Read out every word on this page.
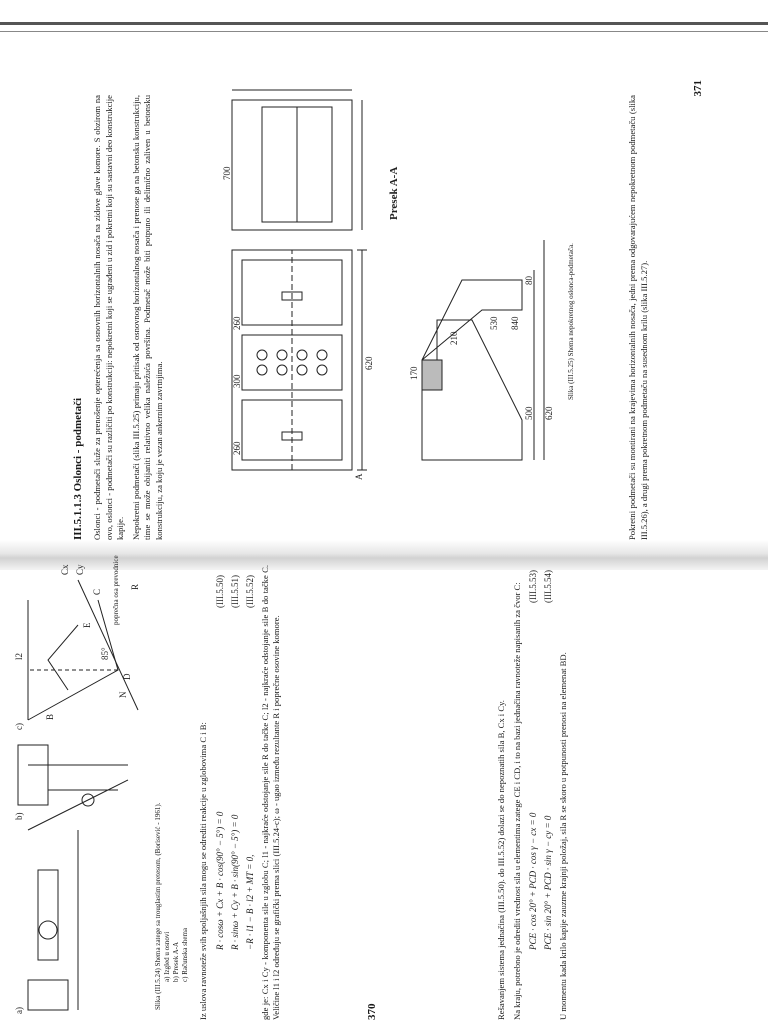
371
III.5.1.1.3 Oslonci - podmetači Oslonci - podmetači služe za prenošenje opterećenja sa osnovnih horizontalnih nosača na zidove glave komore. S obzirom na ovo, oslonci - podmetači su različiti po konstrukciji: nepokretni koji se ugrađeni u zid i pokretni koji su sastavni deo konstrukcije kapije. Nepokretni podmetači (slika III.5.25) primaju pritisak od osnovnog horizontalnog nosača i prenose ga na betonsku konstrukciju, time se može obijaniti relativno velika naležuća površina. Podmetač može biti potpuno ili delimično zaliven u betonsku konstrukciju, za koju je vezan ankernim zavrtnjima.

700
260
300
260
620
A
Presek A-A
170
210
530 840
80
500 620
Slika (III.5.25) Shema nepokretnog oslonca-podmetača.	Pokretni podmetači su montirani na krajevima horizontalnih nosača, jedni prema odgovarajućem nepokretnom podmetaču (slika III.5.26), a drugi prema pokretnom podmetaču na susednom krilu (slika III.5.27).

370
a)
b)
c)
B
C
D
E
N
R
l2
Cx Cy	poprečna osa prevodnice
85°
Slika (III.5.24) Shema zatege sa trouglastim pretesom, (Borisević - 1961). a) Izgled u osnovi b) Presek A-A c) Računska shema Iz uslova ravnoteže svih spoljašnjih sila mogu se odrediti reakcije u zglobovima C i B: R · cosω + Cx + B · cos(90° − 5°) = 0
(III.5.50)
R · sinω + Cy + B · sin(90° − 5°) = 0
(III.5.51)
−R · l1 − B · l2 + MT = 0,
(III.5.52) gde je: Cx i Cy - komponenta sile u zglobu C; l1 - najkraće odstojanje sile R do tačke C; l2 - najkraće odstojanje sile B do tačke C. Veličine l1 i l2 određuju se grafički prema slici (III.5.24-c); ω - ugao između rezultante R i poprečne osovine komore.	Rešavanjem sistema jednačina (III.5.50). do III.5.52) dolazi se do nepoznatih sila B, Cx i Cy. Na kraju, potrebno je odrediti vrednost sila u elementima zatege CE i CD, i to na bazi jednačina ravnoteže napisanih za čvor C: PCE · cos 20° + PCD · cos γ − cx = 0
(III.5.53)
PCE · sin 20° + PCD · sin γ − cy = 0
(III.5.54)

U momentu kada krilo kapije zauzme krajnji položaj, sila R se skoro u potpunosti prenosi na elemenat BD.
